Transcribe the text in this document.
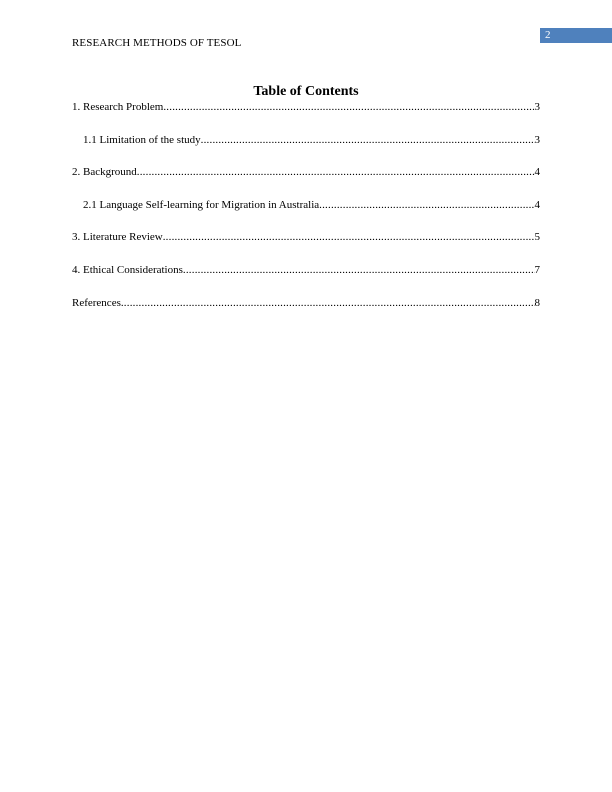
2
RESEARCH METHODS OF TESOL
Table of Contents
1. Research Problem .....	3
1.1 Limitation of the study .....	3
2. Background .....	4
2.1 Language Self-learning for Migration in Australia .....	4
3. Literature Review .....	5
4. Ethical Considerations .....	7
References .....	8
